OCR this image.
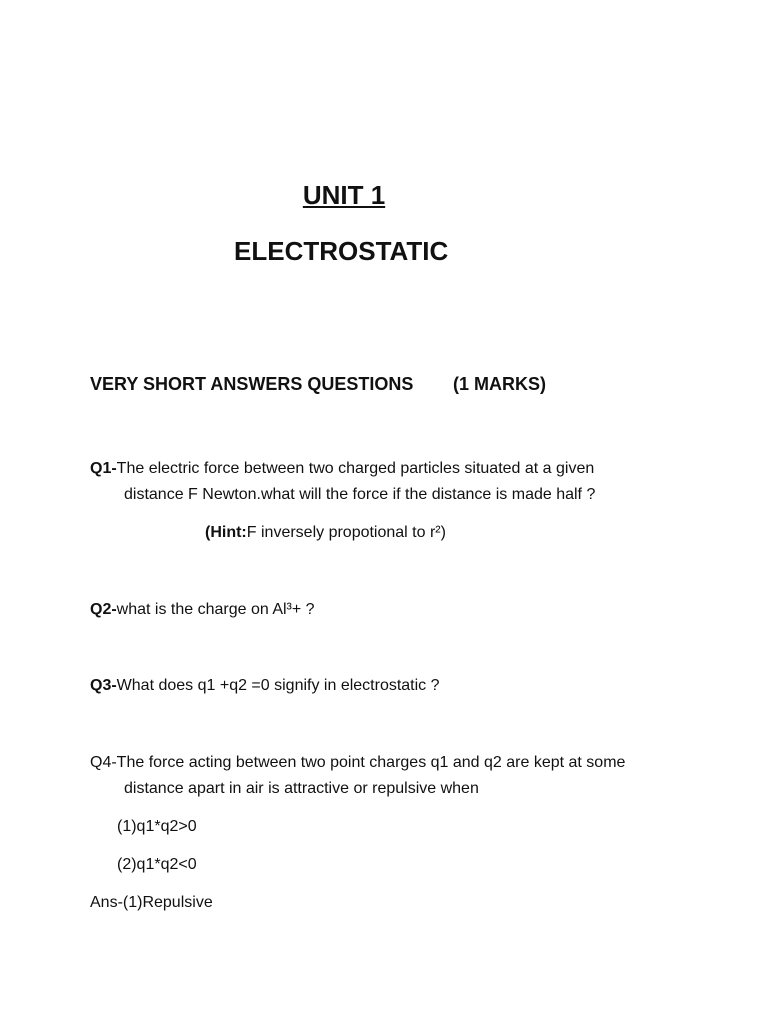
UNIT 1
ELECTROSTATIC
VERY SHORT ANSWERS QUESTIONS (1 MARKS)
Q1-The electric force between two charged particles situated at a given
distance F Newton.what will the force if the distance is made half ?
(Hint:F inversely propotional to r²)
Q2-what is the charge on Al³+ ?
Q3-What does q1 +q2 =0 signify in electrostatic ?
Q4-The force acting between two point charges q1 and q2 are kept at some
distance apart in air is attractive or repulsive when
(1)q1*q2>0
(2)q1*q2<0
Ans-(1)Repulsive
